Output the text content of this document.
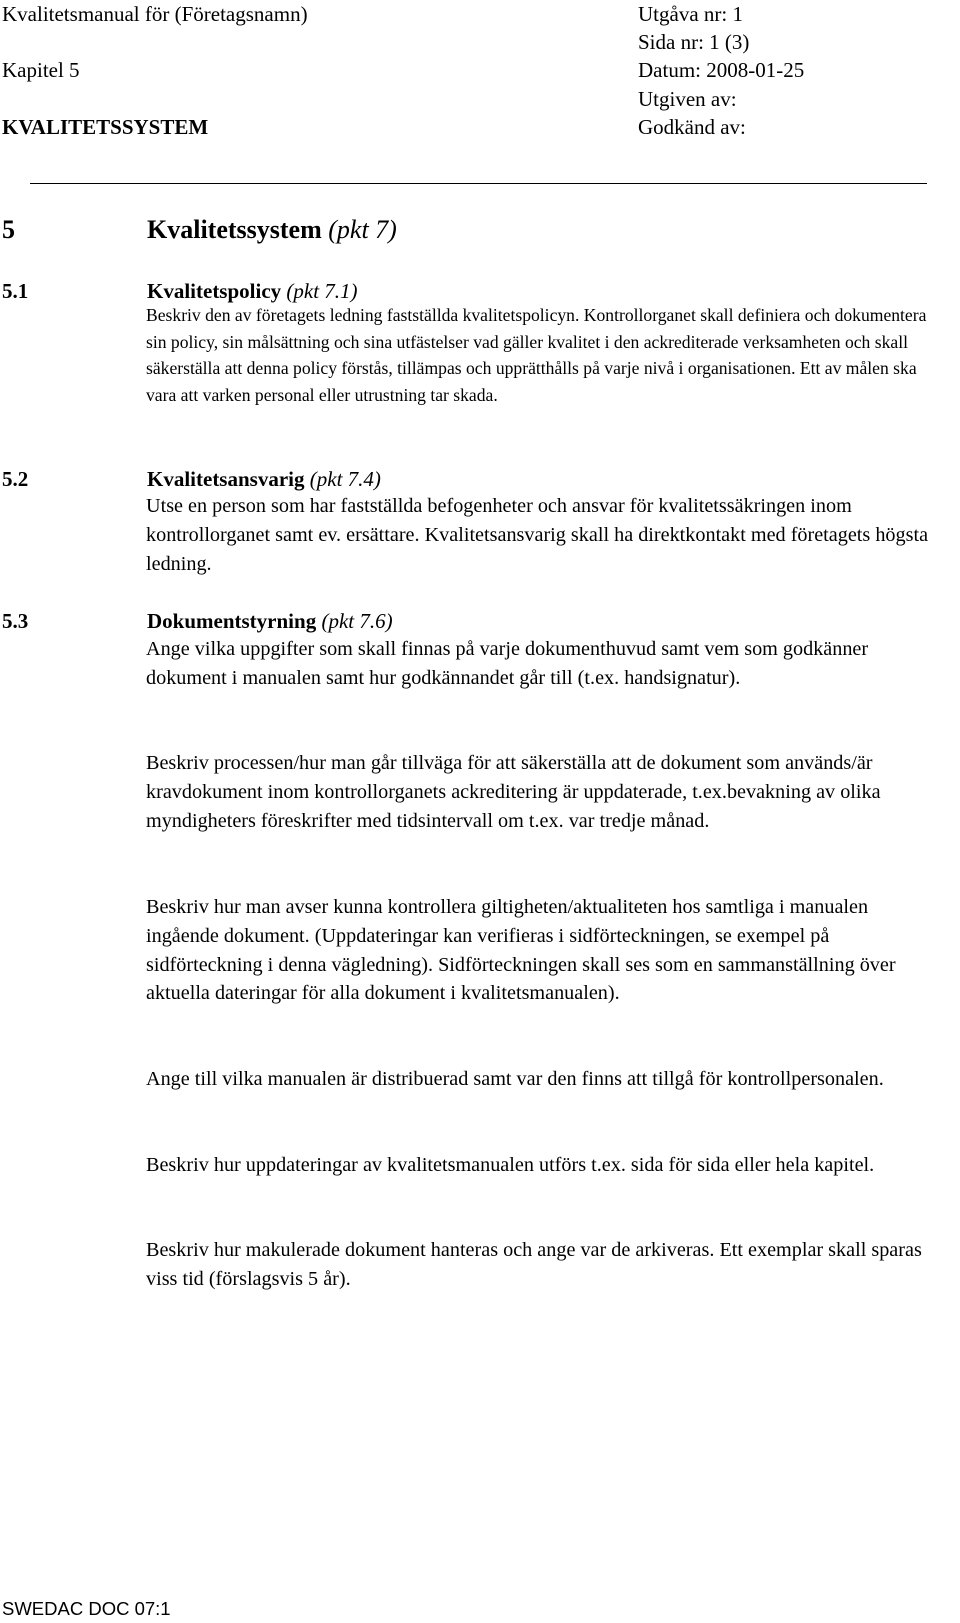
Kvalitetsmanual för (Företagsnamn)	Utgåva nr: 1
Sida nr: 1 (3)
Kapitel 5	Datum: 2008-01-25
Utgiven av:
KVALITETSSYSTEM	Godkänd av:
5	Kvalitetssystem (pkt 7)
5.1	Kvalitetspolicy (pkt 7.1)

Beskriv den av företagets ledning fastställda kvalitetspolicyn. Kontrollorganet skall definiera och dokumentera sin policy, sin målsättning och sina utfästelser vad gäller kvalitet i den ackrediterade verksamheten och skall säkerställa att denna policy förstås, tillämpas och upprätthålls på varje nivå i organisationen. Ett av målen ska vara att varken personal eller utrustning tar skada.

5.2	Kvalitetsansvarig (pkt 7.4)

Utse en person som har fastställda befogenheter och ansvar för kvalitetssäkringen inom kontrollorganet samt ev. ersättare. Kvalitetsansvarig skall ha direktkontakt med företagets högsta ledning.

5.3	Dokumentstyrning (pkt 7.6)

Ange vilka uppgifter som skall finnas på varje dokumenthuvud samt vem som godkänner dokument i manualen samt hur godkännandet går till (t.ex. handsignatur).

Beskriv processen/hur man går tillväga för att säkerställa att de dokument som används/är kravdokument inom kontrollorganets ackreditering är uppdaterade, t.ex.bevakning av olika myndigheters föreskrifter med tidsintervall om t.ex. var tredje månad.

Beskriv hur man avser kunna kontrollera giltigheten/aktualiteten hos samtliga i manualen ingående dokument. (Uppdateringar kan verifieras i sidförteckningen, se exempel på sidförteckning i denna vägledning). Sidförteckningen skall ses som en sammanställning över aktuella dateringar för alla dokument i kvalitetsmanualen).

Ange till vilka manualen är distribuerad samt var den finns att tillgå för kontrollpersonalen.

Beskriv hur uppdateringar av kvalitetsmanualen utförs t.ex. sida för sida eller hela kapitel.

Beskriv hur makulerade dokument hanteras och ange var de arkiveras. Ett exemplar skall sparas viss tid (förslagsvis 5 år).

SWEDAC DOC 07:1
